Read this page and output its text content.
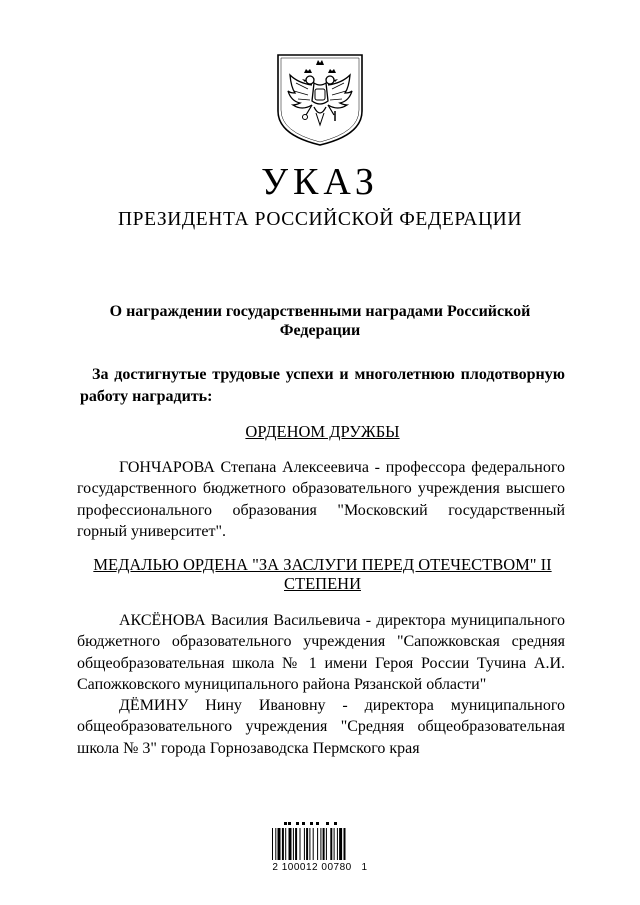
УКАЗ
ПРЕЗИДЕНТА РОССИЙСКОЙ ФЕДЕРАЦИИ
О награждении государственными наградами Российской Федерации
За достигнутые трудовые успехи и многолетнюю плодотворную работу наградить:
ОРДЕНОМ ДРУЖБЫ
ГОНЧАРОВА Степана Алексеевича - профессора федерального государственного бюджетного образовательного учреждения высшего профессионального образования "Московский государственный горный университет".
МЕДАЛЬЮ ОРДЕНА "ЗА ЗАСЛУГИ ПЕРЕД ОТЕЧЕСТВОМ" II СТЕПЕНИ
АКСЁНОВА Василия Васильевича - директора муниципального бюджетного образовательного учреждения "Сапожковская средняя общеобразовательная школа № 1 имени Героя России Тучина А.И. Сапожковского муниципального района Рязанской области"
ДЁМИНУ Нину Ивановну - директора муниципального общеобразовательного учреждения "Средняя общеобразовательная школа № 3" города Горнозаводска Пермского края
2 100012 00780   1
